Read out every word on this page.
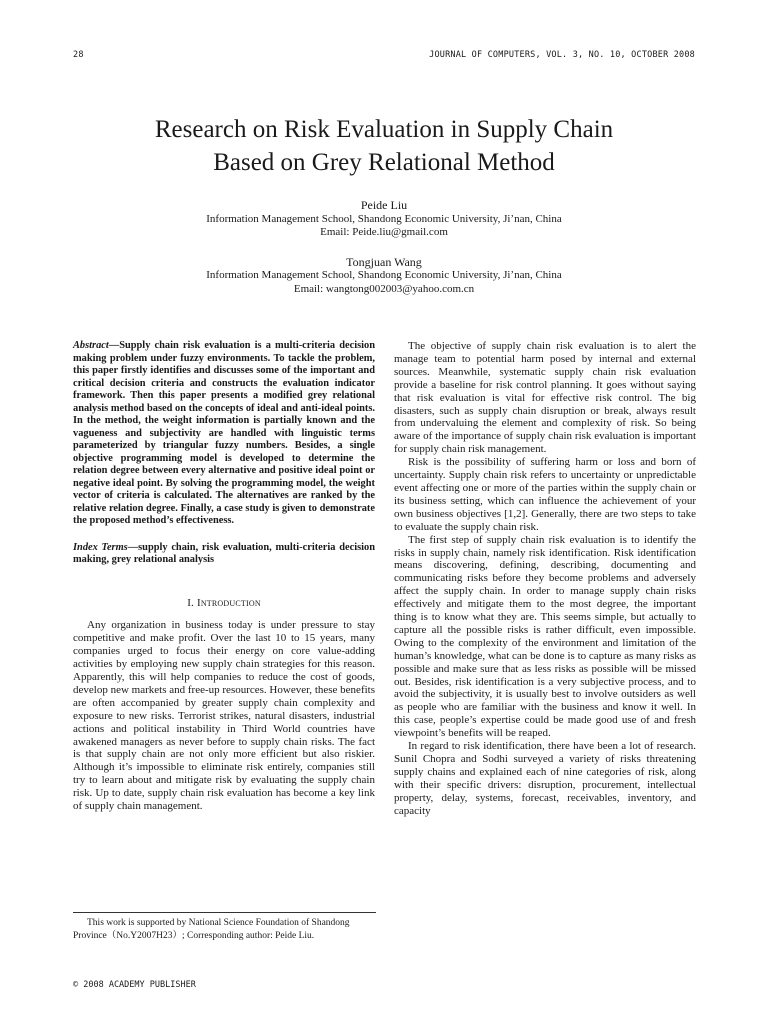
28	JOURNAL OF COMPUTERS, VOL. 3, NO. 10, OCTOBER 2008
Research on Risk Evaluation in Supply Chain
Based on Grey Relational Method
Peide Liu
Information Management School, Shandong Economic University, Ji’nan, China
Email: Peide.liu@gmail.com
Tongjuan Wang
Information Management School, Shandong Economic University, Ji’nan, China
Email: wangtong002003@yahoo.com.cn

Abstract—Supply chain risk evaluation is a multi-criteria decision making problem under fuzzy environments. To tackle the problem, this paper firstly identifies and discusses some of the important and critical decision criteria and constructs the evaluation indicator framework. Then this paper presents a modified grey relational analysis method based on the concepts of ideal and anti-ideal points. In the method, the weight information is partially known and the vagueness and subjectivity are handled with linguistic terms parameterized by triangular fuzzy numbers. Besides, a single objective programming model is developed to determine the relation degree between every alternative and positive ideal point or negative ideal point. By solving the programming model, the weight vector of criteria is calculated. The alternatives are ranked by the relative relation degree. Finally, a case study is given to demonstrate the proposed method’s effectiveness.

Index Terms—supply chain, risk evaluation, multi-criteria decision making, grey relational analysis

I. Introduction

Any organization in business today is under pressure to stay competitive and make profit. Over the last 10 to 15 years, many companies urged to focus their energy on core value-adding activities by employing new supply chain strategies for this reason. Apparently, this will help companies to reduce the cost of goods, develop new markets and free-up resources. However, these benefits are often accompanied by greater supply chain complexity and exposure to new risks. Terrorist strikes, natural disasters, industrial actions and political instability in Third World countries have awakened managers as never before to supply chain risks. The fact is that supply chain are not only more efficient but also riskier. Although it’s impossible to eliminate risk entirely, companies still try to learn about and mitigate risk by evaluating the supply chain risk. Up to date, supply chain risk evaluation has become a key link of supply chain management.

This work is supported by National Science Foundation of Shandong Province（No.Y2007H23）; Corresponding author: Peide Liu.

The objective of supply chain risk evaluation is to alert the manage team to potential harm posed by internal and external sources. Meanwhile, systematic supply chain risk evaluation provide a baseline for risk control planning. It goes without saying that risk evaluation is vital for effective risk control. The big disasters, such as supply chain disruption or break, always result from undervaluing the element and complexity of risk. So being aware of the importance of supply chain risk evaluation is important for supply chain risk management.

Risk is the possibility of suffering harm or loss and born of uncertainty. Supply chain risk refers to uncertainty or unpredictable event affecting one or more of the parties within the supply chain or its business setting, which can influence the achievement of your own business objectives [1,2]. Generally, there are two steps to take to evaluate the supply chain risk.

The first step of supply chain risk evaluation is to identify the risks in supply chain, namely risk identification. Risk identification means discovering, defining, describing, documenting and communicating risks before they become problems and adversely affect the supply chain. In order to manage supply chain risks effectively and mitigate them to the most degree, the important thing is to know what they are. This seems simple, but actually to capture all the possible risks is rather difficult, even impossible. Owing to the complexity of the environment and limitation of the human’s knowledge, what can be done is to capture as many risks as possible and make sure that as less risks as possible will be missed out. Besides, risk identification is a very subjective process, and to avoid the subjectivity, it is usually best to involve outsiders as well as people who are familiar with the business and know it well. In this case, people’s expertise could be made good use of and fresh viewpoint’s benefits will be reaped.

In regard to risk identification, there have been a lot of research. Sunil Chopra and Sodhi surveyed a variety of risks threatening supply chains and explained each of nine categories of risk, along with their specific drivers: disruption, procurement, intellectual property, delay, systems, forecast, receivables, inventory, and capacity

© 2008 ACADEMY PUBLISHER
